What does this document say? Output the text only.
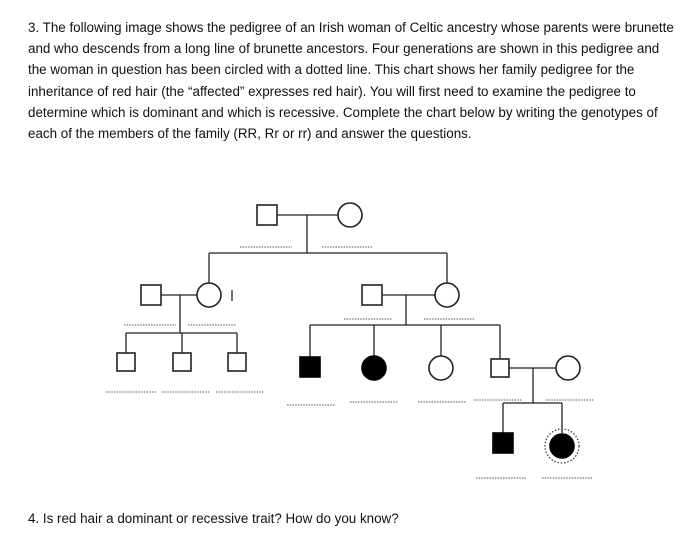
3. The following image shows the pedigree of an Irish woman of Celtic ancestry whose parents were brunette and who descends from a long line of brunette ancestors. Four generations are shown in this pedigree and the woman in question has been circled with a dotted line. This chart shows her family pedigree for the inheritance of red hair (the “affected” expresses red hair). You will first need to examine the pedigree to determine which is dominant and which is recessive. Complete the chart below by writing the genotypes of each of the members of the family (RR, Rr or rr) and answer the questions.

4. Is red hair a dominant or recessive trait? How do you know?
